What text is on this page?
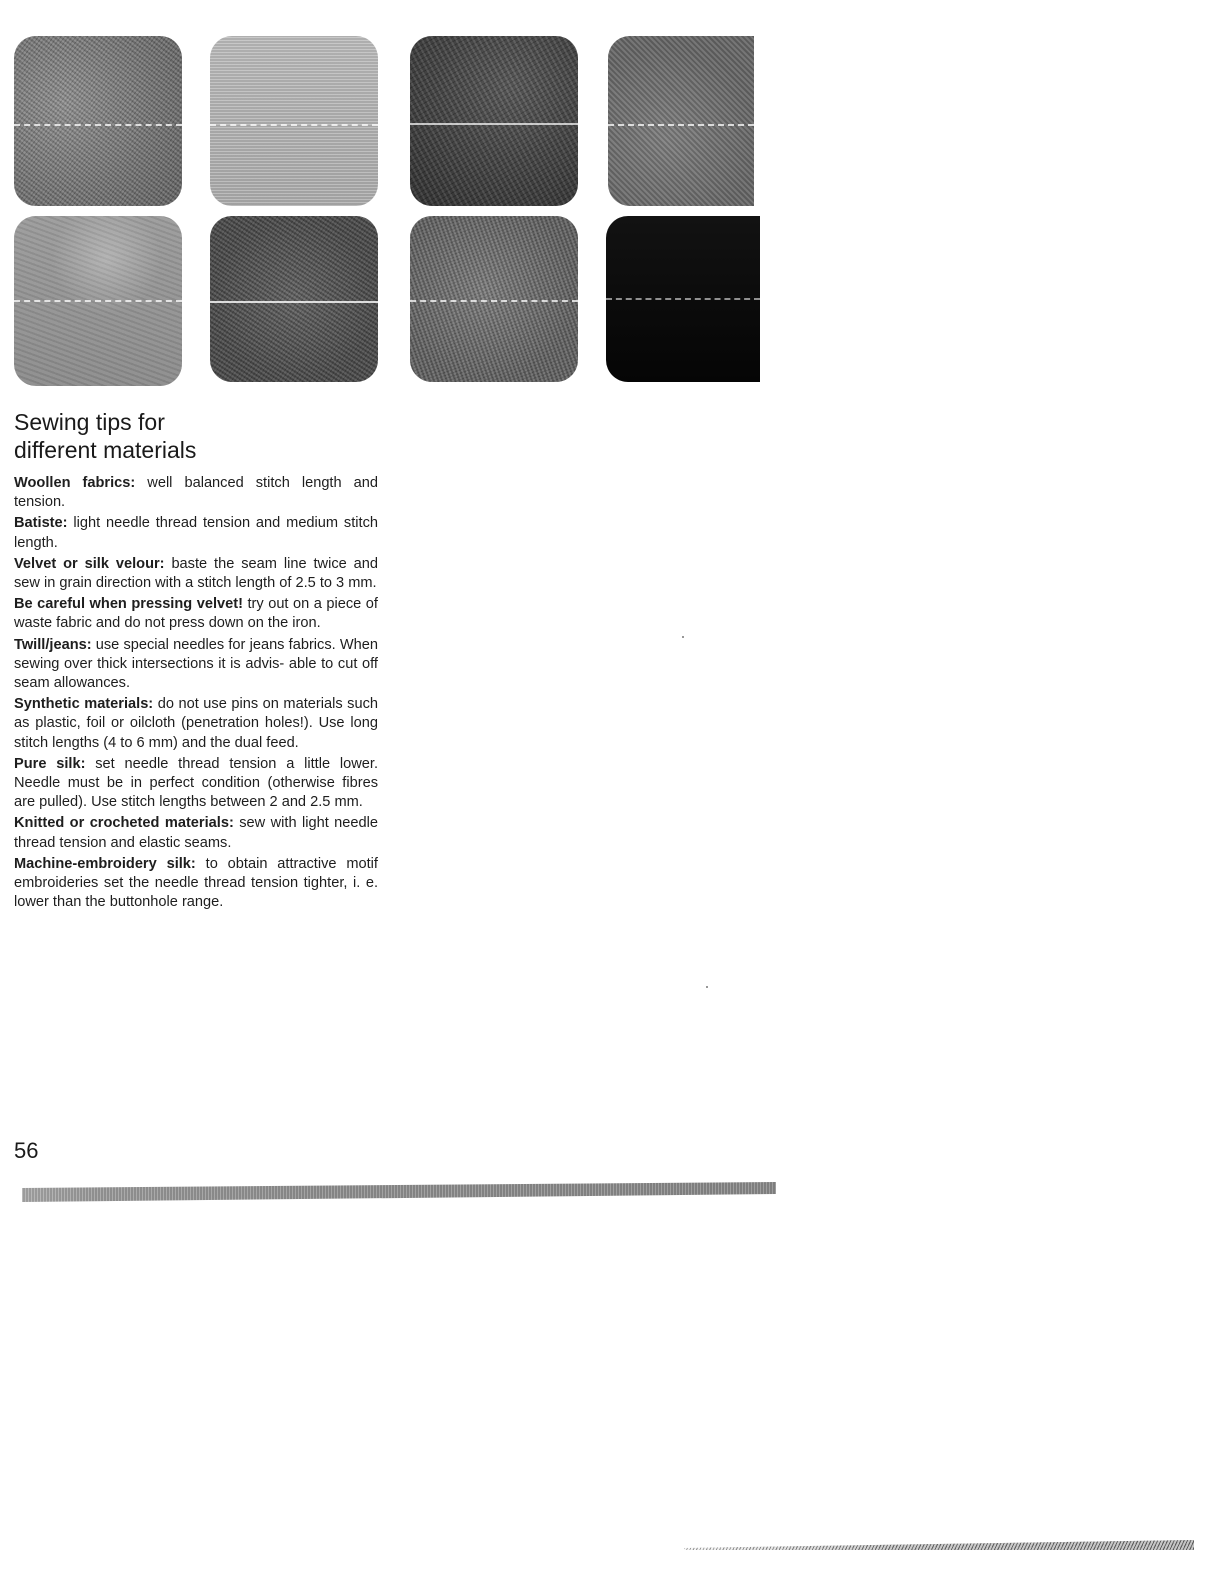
Sewing tips for
different materials

Woollen fabrics: well balanced stitch length and tension.

Batiste: light needle thread tension and medium stitch length.

Velvet or silk velour: baste the seam line twice and sew in grain direction with a stitch length of 2.5 to 3 mm.

Be careful when pressing velvet! try out on a piece of waste fabric and do not press down on the iron.

Twill/jeans: use special needles for jeans fabrics. When sewing over thick intersections it is advis- able to cut off seam allowances.

Synthetic materials: do not use pins on materials such as plastic, foil or oilcloth (penetration holes!). Use long stitch lengths (4 to 6 mm) and the dual feed.

Pure silk: set needle thread tension a little lower. Needle must be in perfect condition (otherwise fibres are pulled). Use stitch lengths between 2 and 2.5 mm.

Knitted or crocheted materials: sew with light needle thread tension and elastic seams.

Machine-embroidery silk: to obtain attractive motif embroideries set the needle thread tension tighter, i. e. lower than the buttonhole range.

56
